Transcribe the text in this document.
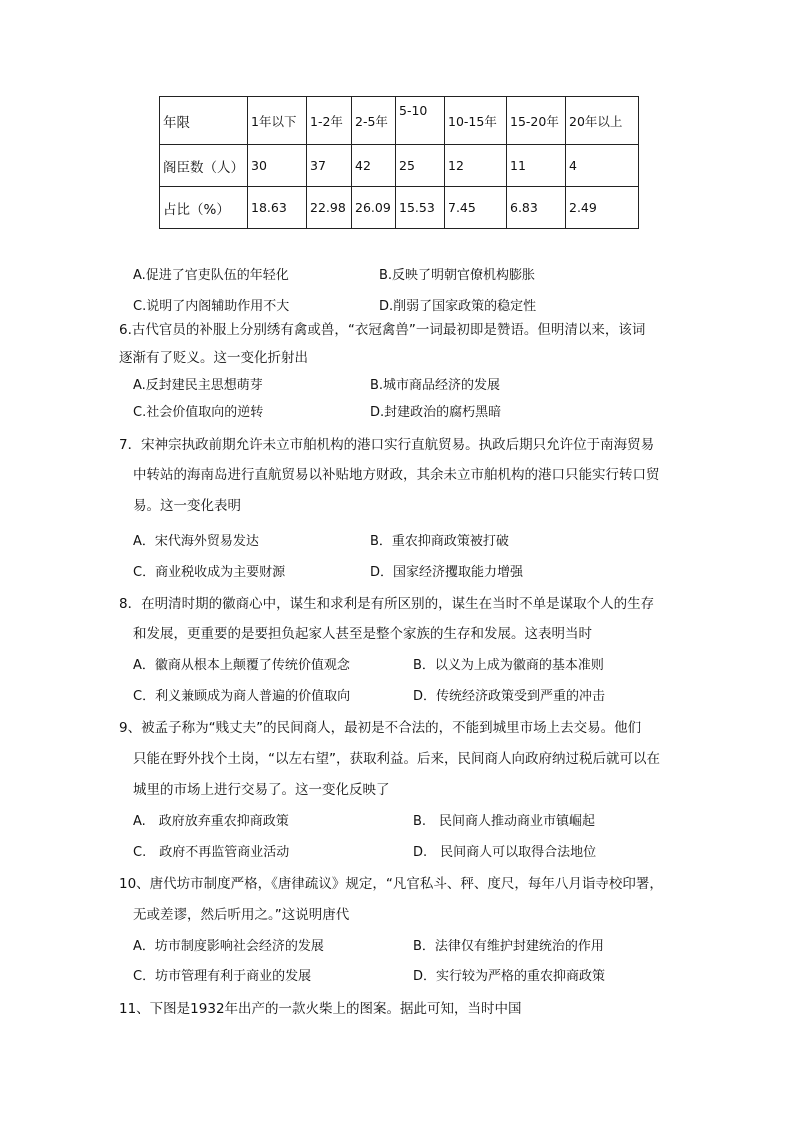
年限	1年以下	1-2年	2-5年	5-10	10-15年	15-20年	20年以上
阁臣数（人）	30	37	42	25	12	11	4
占比（%）	18.63	22.98	26.09	15.53	7.45	6.83	2.49
A.促进了官吏队伍的年轻化	B.反映了明朝官僚机构膨胀
C.说明了内阁辅助作用不大	D.削弱了国家政策的稳定性
6.古代官员的补服上分别绣有禽或兽，“衣冠禽兽”一词最初即是赞语。但明清以来，该词
逐渐有了贬义。这一变化折射出
A.反封建民主思想萌芽	B.城市商品经济的发展
C.社会价值取向的逆转	D.封建政治的腐朽黑暗
7．宋神宗执政前期允许未立市舶机构的港口实行直航贸易。执政后期只允许位于南海贸易
中转站的海南岛进行直航贸易以补贴地方财政，其余未立市舶机构的港口只能实行转口贸
易。这一变化表明
A．宋代海外贸易发达	B．重农抑商政策被打破
C．商业税收成为主要财源	D．国家经济攫取能力增强
8．在明清时期的徽商心中，谋生和求利是有所区别的，谋生在当时不单是谋取个人的生存
和发展，更重要的是要担负起家人甚至是整个家族的生存和发展。这表明当时
A．徽商从根本上颠覆了传统价值观念	B．以义为上成为徽商的基本准则
C．利义兼顾成为商人普遍的价值取向	D．传统经济政策受到严重的冲击
9、被孟子称为“贱丈夫”的民间商人，最初是不合法的，不能到城里市场上去交易。他们
只能在野外找个土岗，“以左右望”，获取利益。后来，民间商人向政府纳过税后就可以在
城里的市场上进行交易了。这一变化反映了
A.　政府放弃重农抑商政策	B.　民间商人推动商业市镇崛起
C.　政府不再监管商业活动	D.　民间商人可以取得合法地位
10、唐代坊市制度严格，《唐律疏议》规定，“凡官私斗、秤、度尺，每年八月诣寺校印署，
无或差谬，然后听用之。”这说明唐代
A．坊市制度影响社会经济的发展	B．法律仅有维护封建统治的作用
C．坊市管理有利于商业的发展	D．实行较为严格的重农抑商政策
11、下图是1932年出产的一款火柴上的图案。据此可知，当时中国
